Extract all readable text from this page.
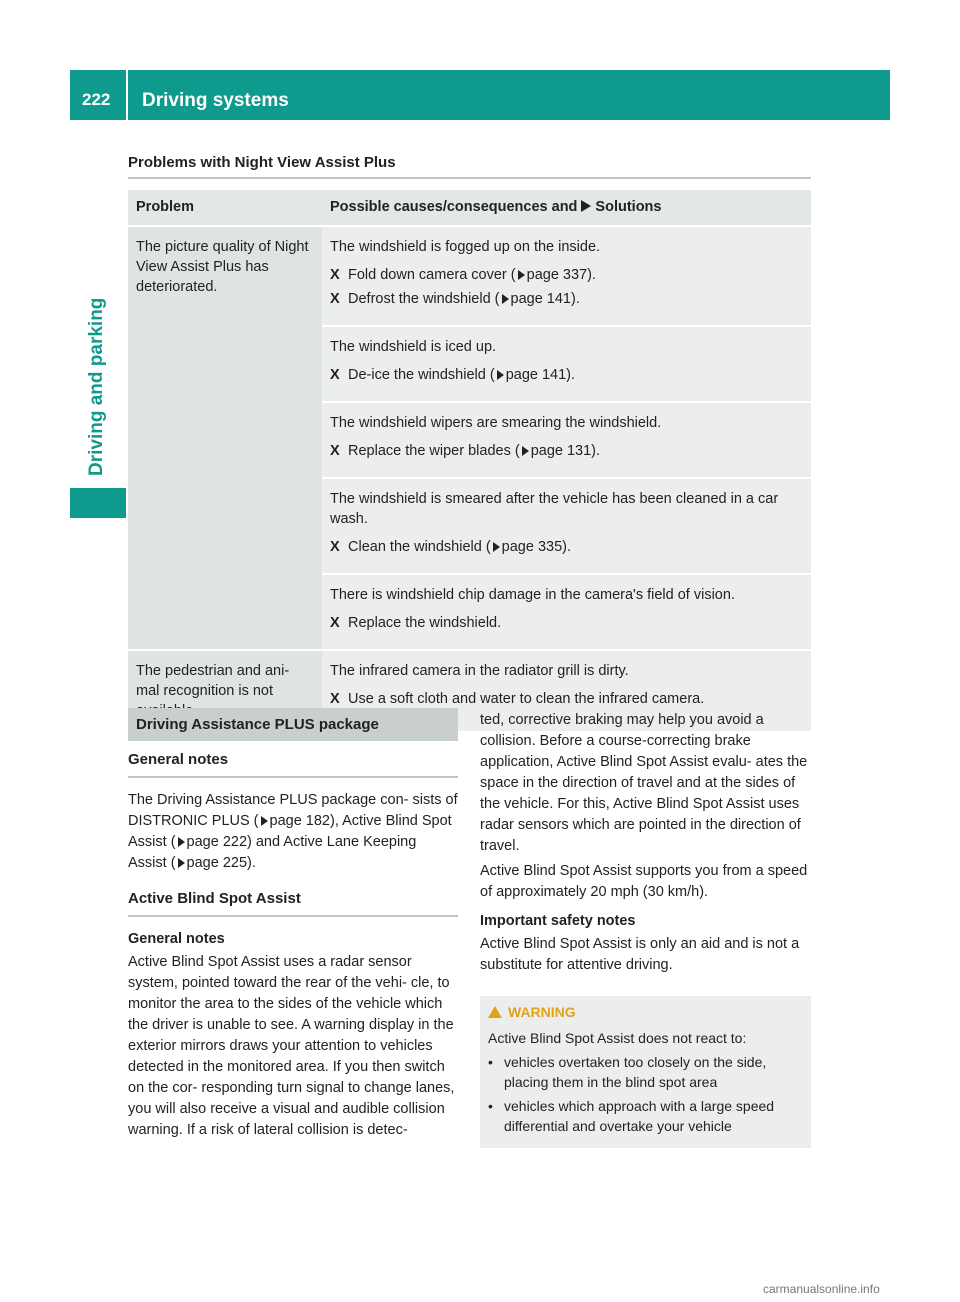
222 Driving systems
Driving and parking
Problems with Night View Assist Plus
Problem	Possible causes/consequences and Solutions
The picture quality of Night View Assist Plus has deteriorated.	The windshield is fogged up on the inside.

X Fold down camera cover ( page 337).

X Defrost the windshield ( page 141).

	The windshield is iced up.

X De-ice the windshield ( page 141).

	The windshield wipers are smearing the windshield.

X Replace the wiper blades ( page 131).

	The windshield is smeared after the vehicle has been cleaned in a car wash.

X Clean the windshield ( page 335).

	There is windshield chip damage in the camera's field of vision.

X Replace the windshield.

The pedestrian and ani- mal recognition is not	The infrared camera in the radiator grill is dirty.

X Use a soft cloth and water to clean the infrared camera.

Driving Assistance PLUS package
General notes

The Driving Assistance PLUS package con- sists of DISTRONIC PLUS ( page 182), Active Blind Spot Assist ( page 222) and Active Lane Keeping Assist ( page 225).

Active Blind Spot Assist
General notes

Active Blind Spot Assist uses a radar sensor system, pointed toward the rear of the vehi- cle, to monitor the area to the sides of the vehicle which the driver is unable to see. A warning display in the exterior mirrors draws your attention to vehicles detected in the monitored area. If you then switch on the cor- responding turn signal to change lanes, you will also receive a visual and audible collision warning. If a risk of lateral collision is detec-

ted, corrective braking may help you avoid a collision. Before a course-correcting brake application, Active Blind Spot Assist evalu- ates the space in the direction of travel and at the sides of the vehicle. For this, Active Blind Spot Assist uses radar sensors which are pointed in the direction of travel.

Active Blind Spot Assist supports you from a speed of approximately 20 mph (30 km/h).

Important safety notes

Active Blind Spot Assist is only an aid and is not a substitute for attentive driving.

WARNING
Active Blind Spot Assist does not react to:
• vehicles overtaken too closely on the side, placing them in the blind spot area
• vehicles which approach with a large speed differential and overtake your vehicle
carmanualsonline.info
